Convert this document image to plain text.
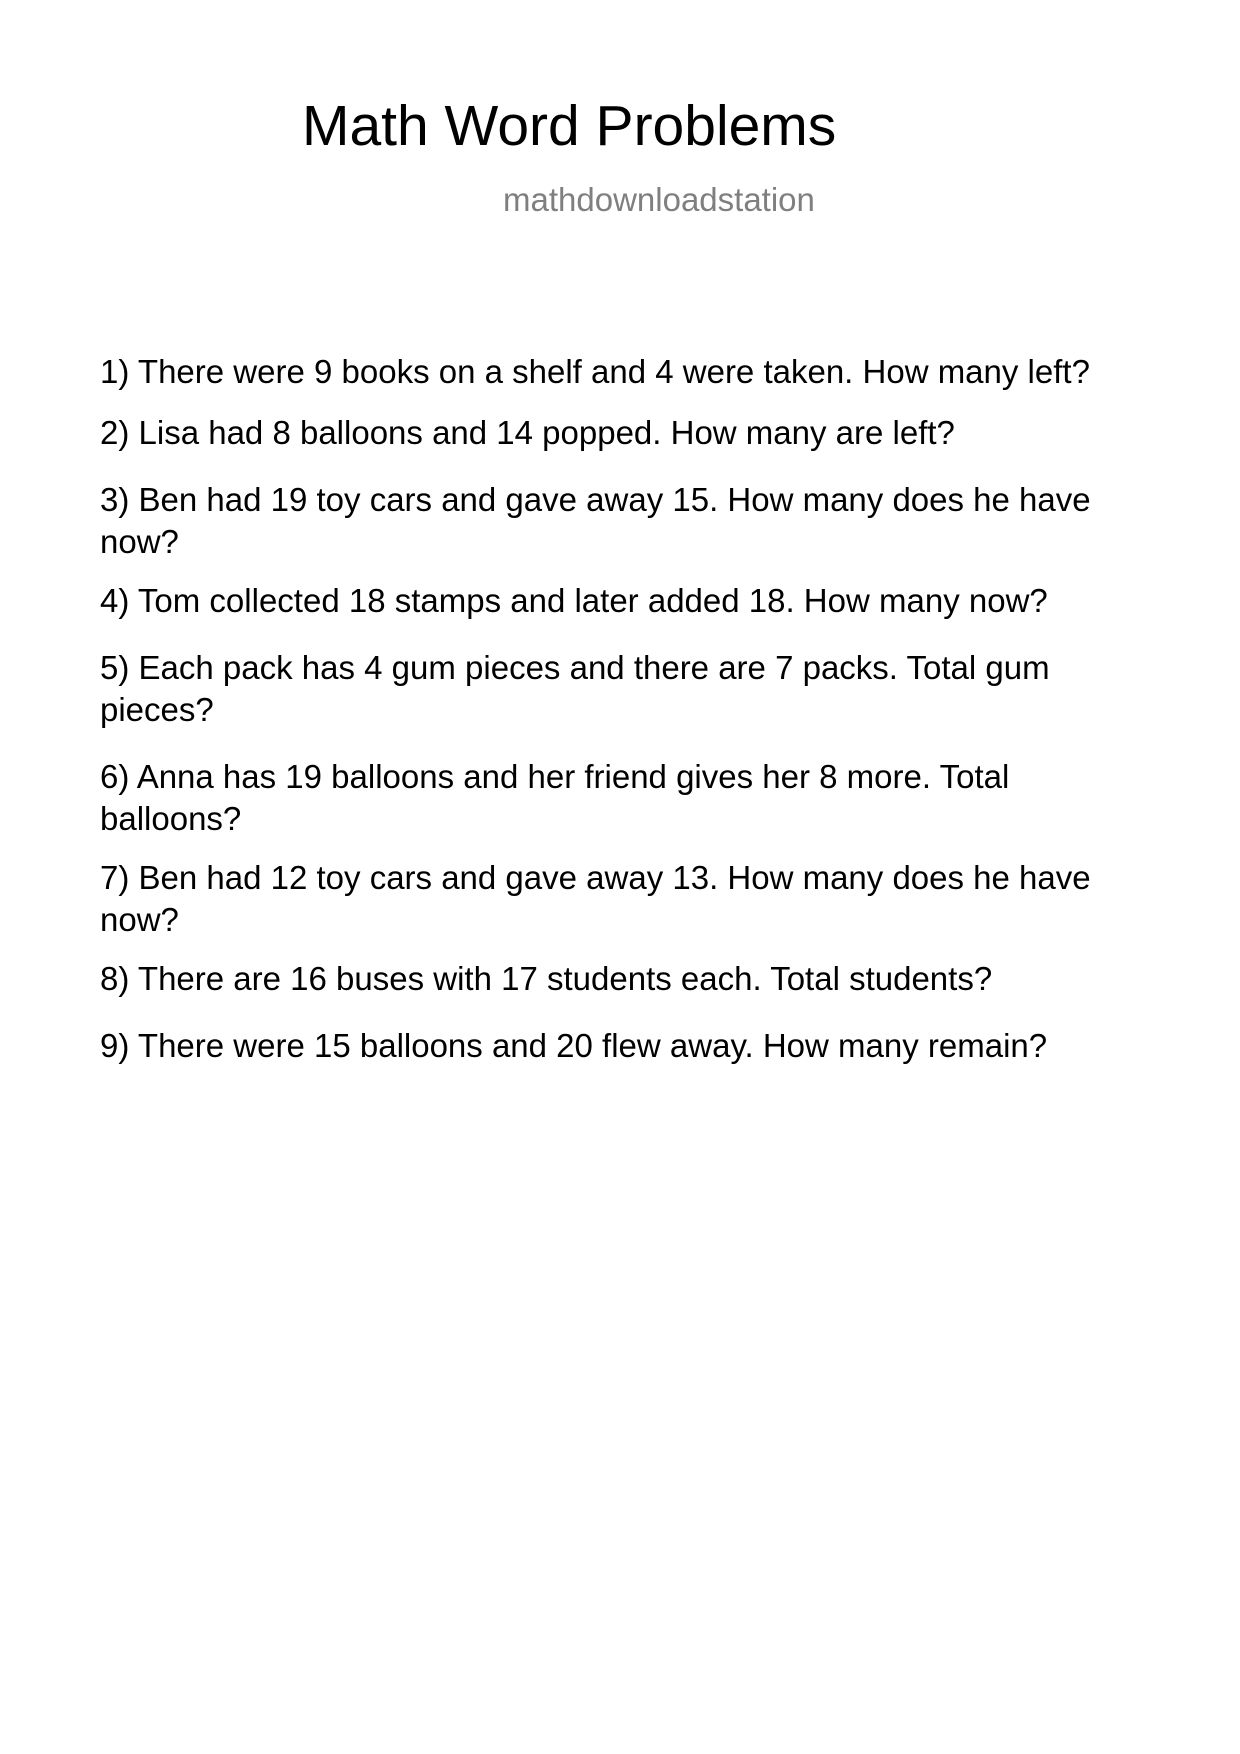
Math Word Problems
mathdownloadstation
1) There were 9 books on a shelf and 4 were taken. How many left?
2) Lisa had 8 balloons and 14 popped. How many are left?
3) Ben had 19 toy cars and gave away 15. How many does he have now?
4) Tom collected 18 stamps and later added 18. How many now?
5) Each pack has 4 gum pieces and there are 7 packs. Total gum pieces?
6) Anna has 19 balloons and her friend gives her 8 more. Total balloons?
7) Ben had 12 toy cars and gave away 13. How many does he have now?
8) There are 16 buses with 17 students each. Total students?
9) There were 15 balloons and 20 flew away. How many remain?
